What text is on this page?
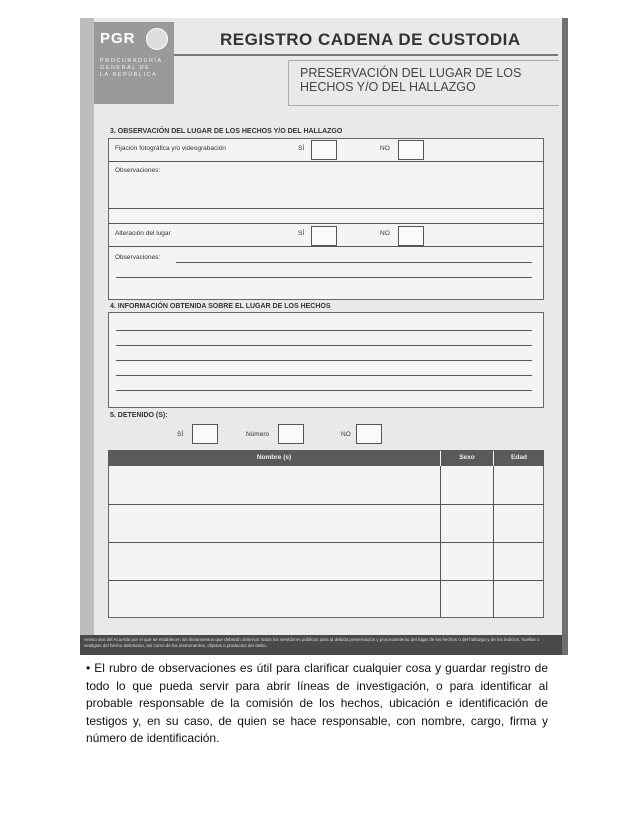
PGR
PROCURADURÍA
GENERAL DE
LA REPÚBLICA
REGISTRO CADENA DE CUSTODIA
PRESERVACIÓN DEL LUGAR DE LOS
HECHOS Y/O DEL HALLAZGO
3. OBSERVACIÓN DEL LUGAR DE LOS HECHOS Y/O DEL HALLAZGO
Fijación fotográfica y/o videograbación	SÍ	NO
Observaciones:
Alteración del lugar	SÍ	NO
Observaciones:
4. INFORMACIÓN OBTENIDA SOBRE EL LUGAR DE LOS HECHOS
5. DETENIDO (S):
SÍ	Número	NO
Nombre (s)	Sexo	Edad
Anexo dos del Acuerdo por el que se establecen los lineamientos que deberán observar todos los servidores públicos para la debida preservación y procesamiento del lugar de los hechos o del hallazgo y de los indicios, huellas o vestigios del hecho delictuoso, así como de los instrumentos, objetos o productos del delito.
• El rubro de observaciones es útil para clarificar cualquier cosa y guardar registro de todo lo que pueda servir para abrir líneas de investigación, o para identificar al probable responsable de la comisión de los hechos, ubicación e identificación de testigos y, en su caso, de quien se hace responsable, con nombre, cargo, firma y número de identificación.
